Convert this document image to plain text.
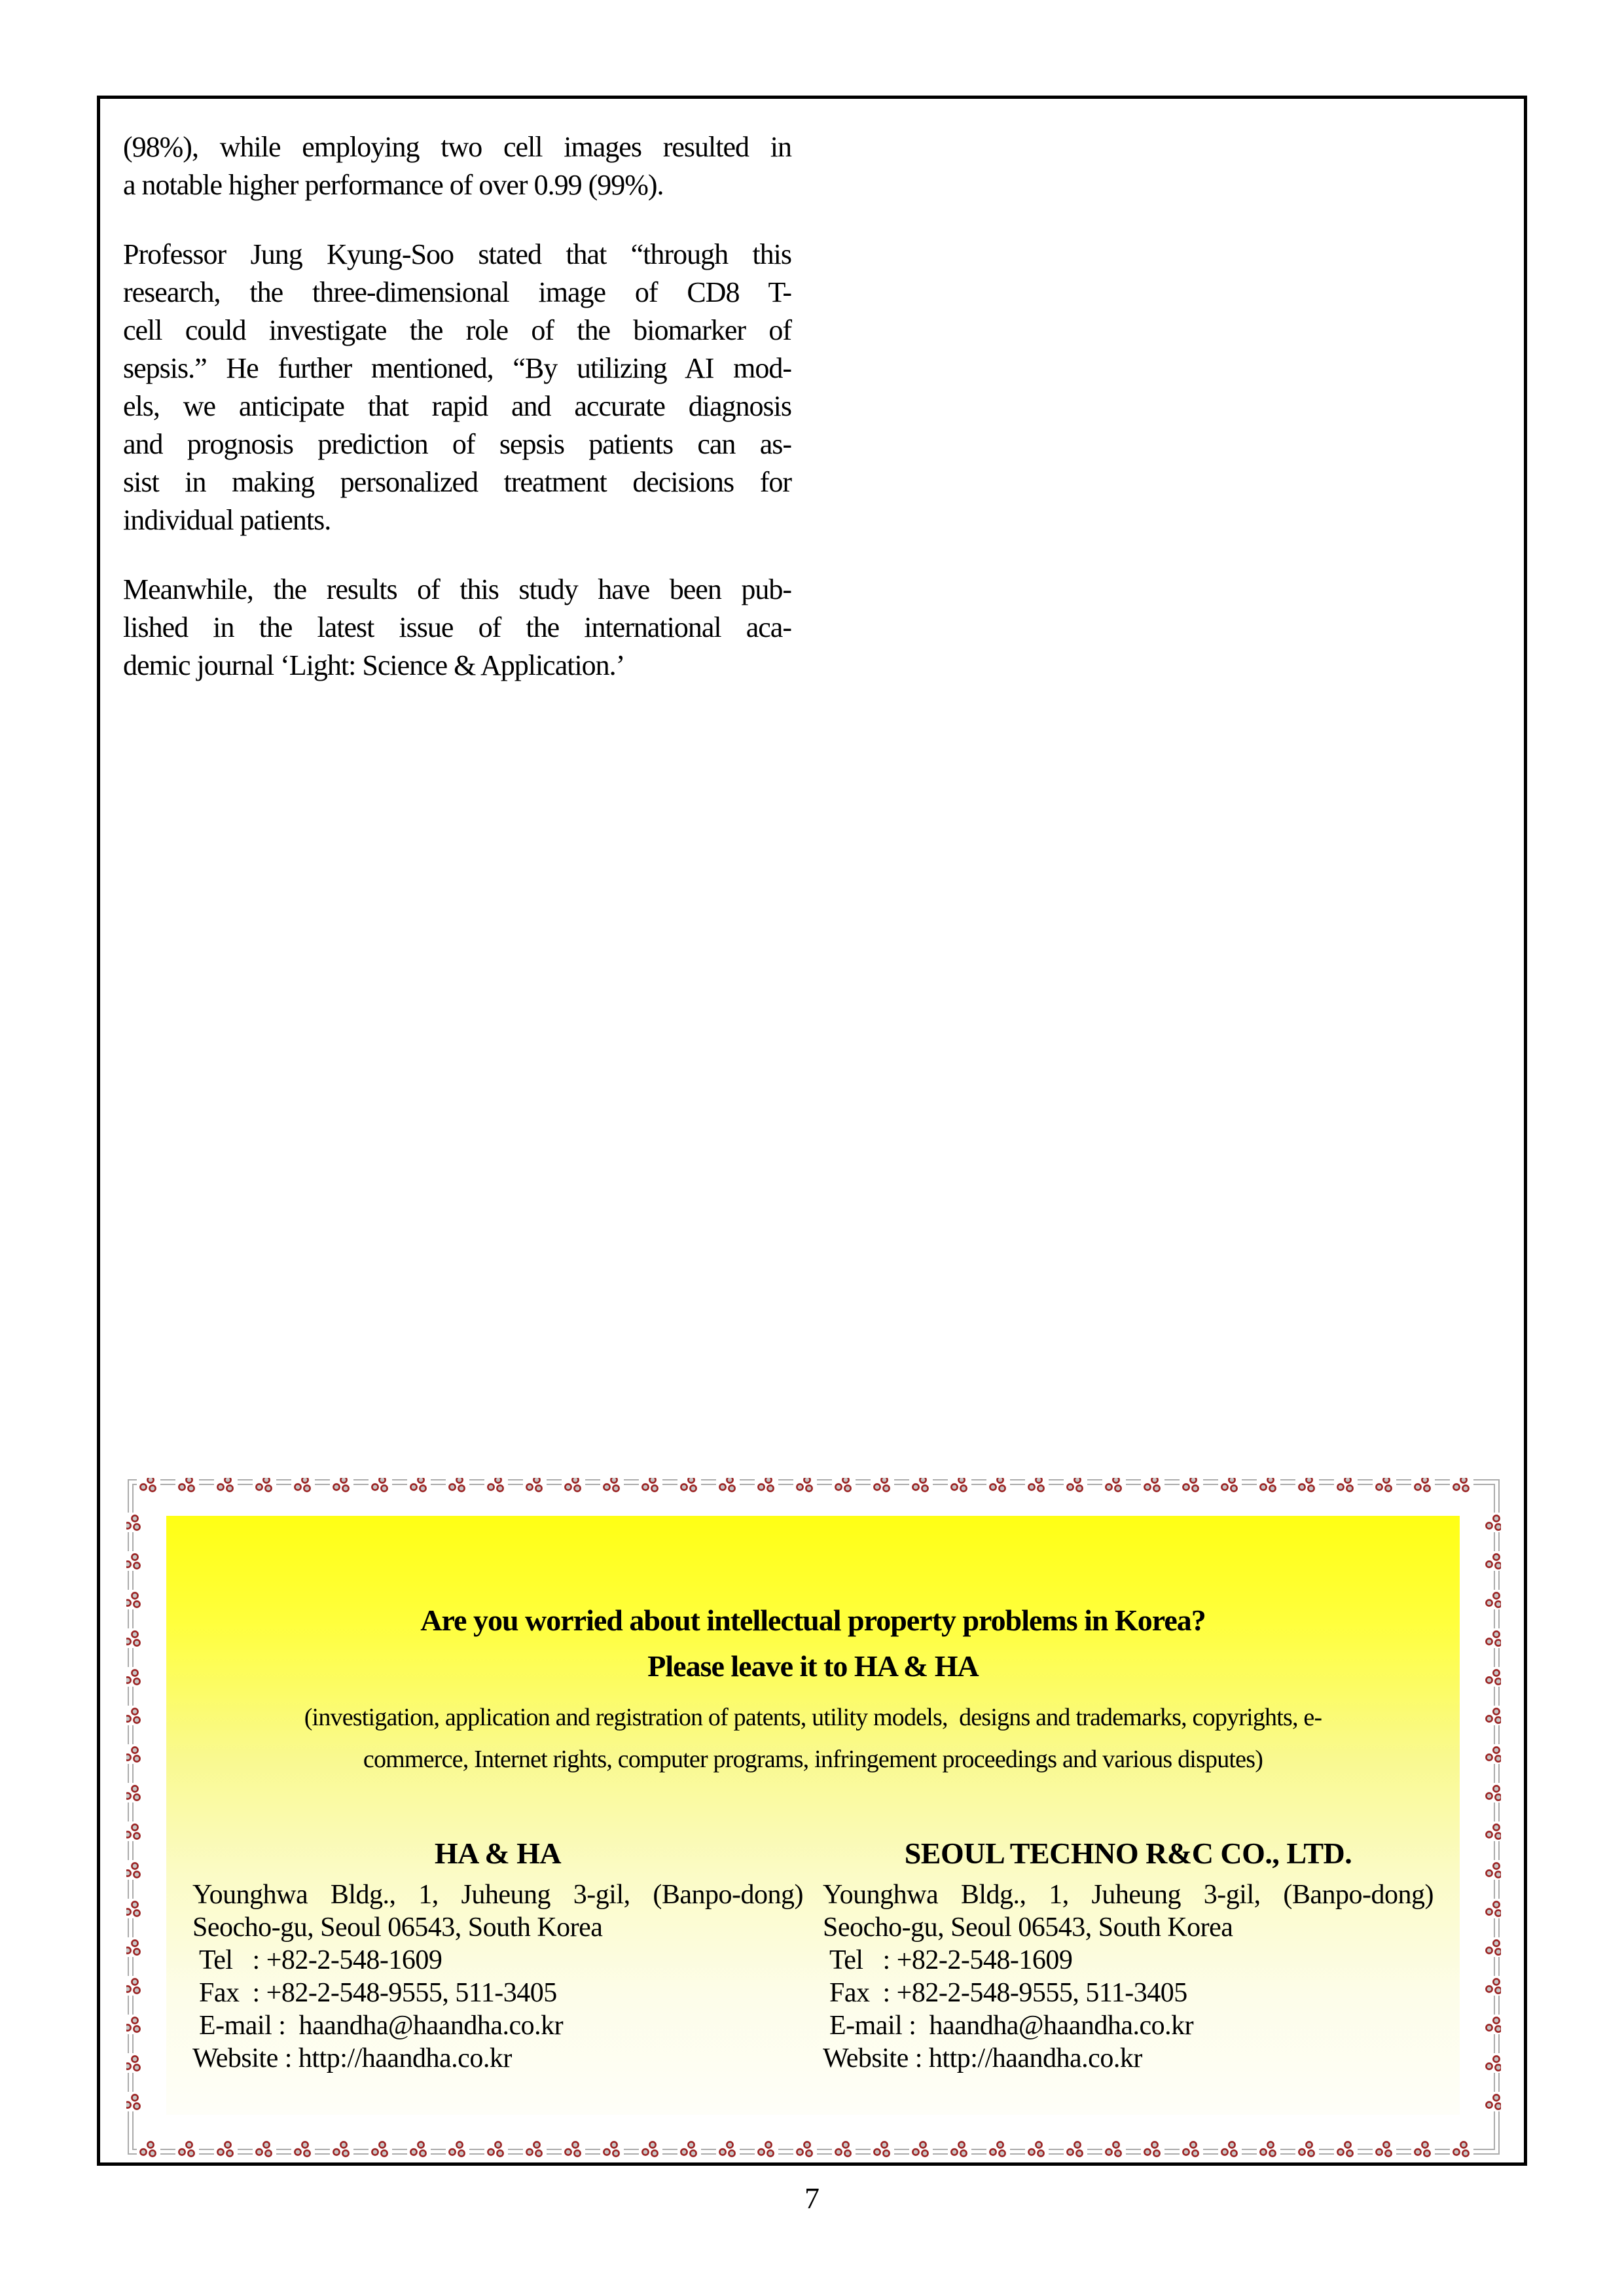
(98%), while employing two cell images resulted in
a notable higher performance of over 0.99 (99%).
Professor Jung Kyung-Soo stated that “through this
research, the three-dimensional image of CD8 T-
cell could investigate the role of the biomarker of
sepsis.” He further mentioned, “By utilizing AI mod-
els, we anticipate that rapid and accurate diagnosis
and prognosis prediction of sepsis patients can as-
sist in making personalized treatment decisions for
individual patients.
Meanwhile, the results of this study have been pub-
lished in the latest issue of the international aca-
demic journal ‘Light: Science & Application.’
Are you worried about intellectual property problems in Korea?
Please leave it to HA & HA
(investigation, application and registration of patents, utility models,  designs and trademarks, copyrights, e-
commerce, Internet rights, computer programs, infringement proceedings and various disputes)
HA & HA
Younghwa Bldg., 1, Juheung 3-gil, (Banpo-dong)
Seocho-gu, Seoul 06543, South Korea
Tel   : +82-2-548-1609
Fax  : +82-2-548-9555, 511-3405
E-mail :  haandha@haandha.co.kr
Website : http://haandha.co.kr
SEOUL TECHNO R&C CO., LTD.
Younghwa Bldg., 1, Juheung 3-gil, (Banpo-dong)
Seocho-gu, Seoul 06543, South Korea
Tel   : +82-2-548-1609
Fax  : +82-2-548-9555, 511-3405
E-mail :  haandha@haandha.co.kr
Website : http://haandha.co.kr
7
